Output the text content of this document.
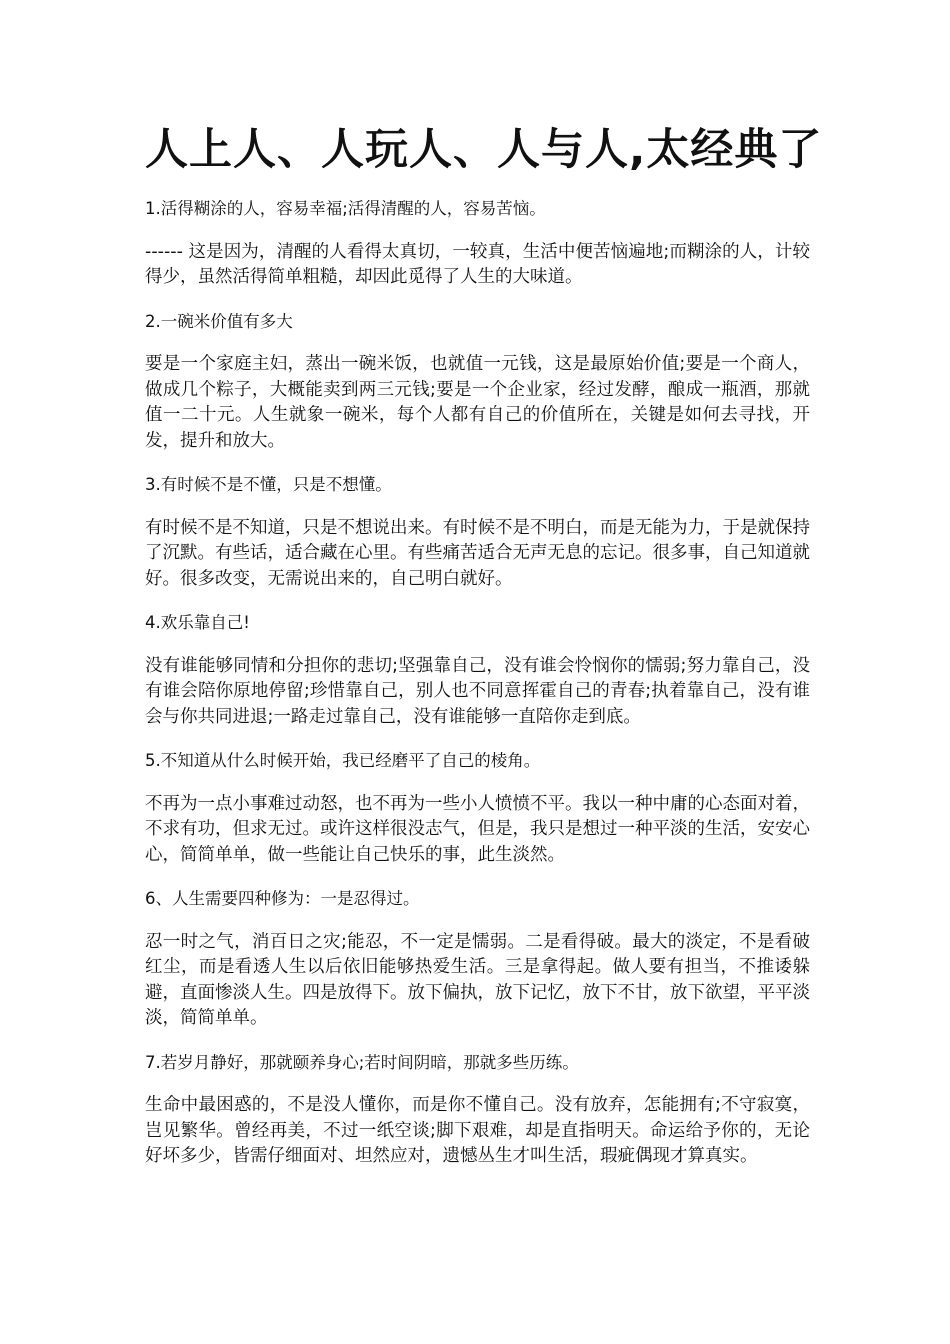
人上人、人玩人、人与人,太经典了

1.活得糊涂的人，容易幸福;活得清醒的人，容易苦恼。

------ 这是因为，清醒的人看得太真切，一较真，生活中便苦恼遍地;而糊涂的人，计较得少，虽然活得简单粗糙，却因此觅得了人生的大味道。

2.一碗米价值有多大

要是一个家庭主妇，蒸出一碗米饭，也就值一元钱，这是最原始价值;要是一个商人，做成几个粽子，大概能卖到两三元钱;要是一个企业家，经过发酵，酿成一瓶酒，那就值一二十元。人生就象一碗米，每个人都有自己的价值所在，关键是如何去寻找，开发，提升和放大。

3.有时候不是不懂，只是不想懂。

有时候不是不知道，只是不想说出来。有时候不是不明白，而是无能为力，于是就保持了沉默。有些话，适合藏在心里。有些痛苦适合无声无息的忘记。很多事，自己知道就好。很多改变，无需说出来的，自己明白就好。

4.欢乐靠自己!

没有谁能够同情和分担你的悲切;坚强靠自己，没有谁会怜悯你的懦弱;努力靠自己，没有谁会陪你原地停留;珍惜靠自己，别人也不同意挥霍自己的青春;执着靠自己，没有谁会与你共同进退;一路走过靠自己，没有谁能够一直陪你走到底。

5.不知道从什么时候开始，我已经磨平了自己的棱角。

不再为一点小事难过动怒，也不再为一些小人愤愤不平。我以一种中庸的心态面对着，不求有功，但求无过。或许这样很没志气，但是，我只是想过一种平淡的生活，安安心心，简简单单，做一些能让自己快乐的事，此生淡然。

6、人生需要四种修为：一是忍得过。

忍一时之气，消百日之灾;能忍，不一定是懦弱。二是看得破。最大的淡定，不是看破红尘，而是看透人生以后依旧能够热爱生活。三是拿得起。做人要有担当，不推诿躲避，直面惨淡人生。四是放得下。放下偏执，放下记忆，放下不甘，放下欲望，平平淡淡，简简单单。

7.若岁月静好，那就颐养身心;若时间阴暗，那就多些历练。

生命中最困惑的，不是没人懂你，而是你不懂自己。没有放弃，怎能拥有;不守寂寞，岂见繁华。曾经再美，不过一纸空谈;脚下艰难，却是直指明天。命运给予你的，无论好坏多少，皆需仔细面对、坦然应对，遗憾丛生才叫生活，瑕疵偶现才算真实。
